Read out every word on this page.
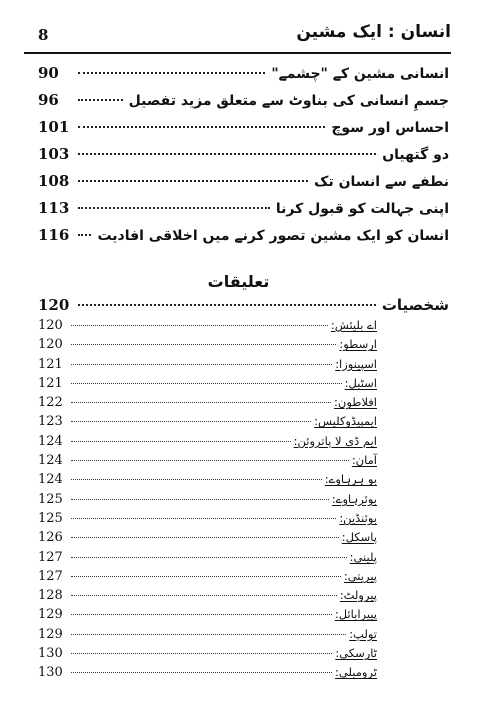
8	انسان : ایک مشین
90	انسانی مشین کے "چشمے"
96	جسمِ انسانی کی بناوٹ سے متعلق مزید تفصیل
101	احساس اور سوچ
103	دو گتھیاں
108	نطفے سے انسان تک
113	اپنی جہالت کو قبول کرنا
116 انسان کو ایک مشین تصور کرنے میں اخلاقی افادیت
تعلیقات
120	شخصیات
120	اے بلیئش:
120	ارسطو:
121	اسپینوزا:
121	اسٹبل:
122	افلاطون:
123	ایمپیڈوکلیس:
124	ایم ڈی لا پاتروئن:
124	آمان:
124	بو ہرہاوے:
125	بوئرہاوے:
125	بوئنڈین:
126	پاسکل:
127	پلینی:
127	پیریتی:
128	پیرولٹ:
129	پییرابائل:
129	تولپ:
130	ٹارسکی:
130	ٹرومبلی:
